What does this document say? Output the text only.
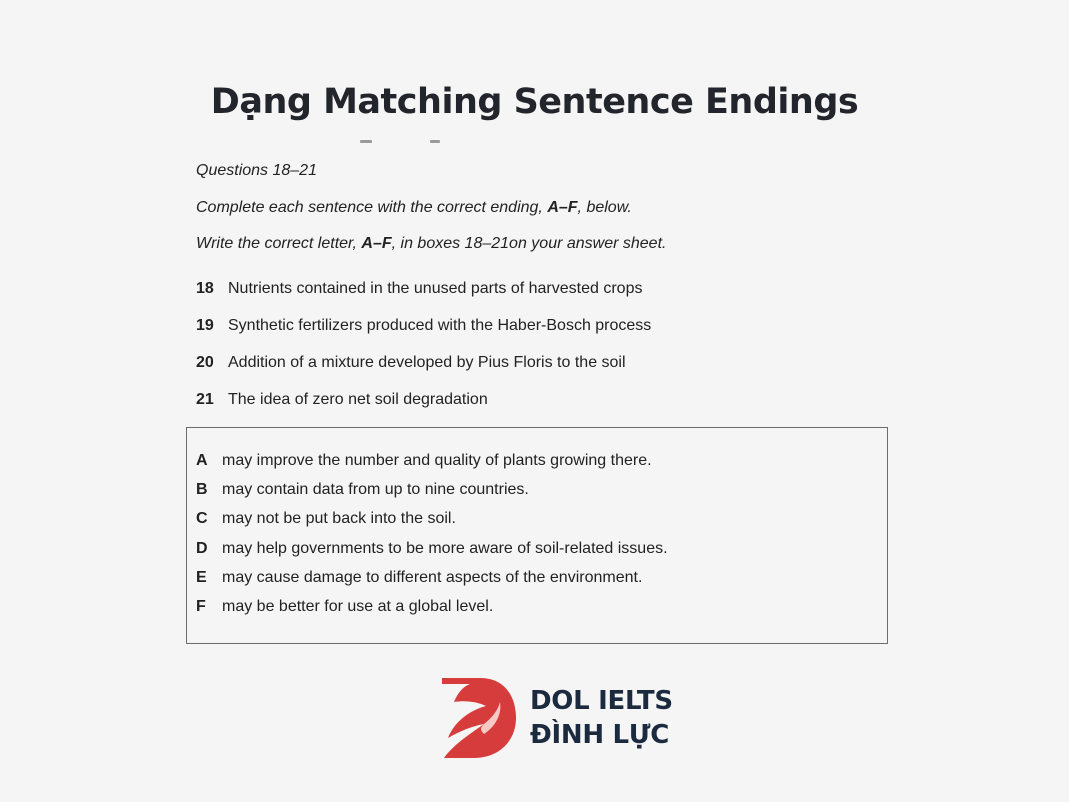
Dạng Matching Sentence Endings
Questions 18–21
Complete each sentence with the correct ending, A–F, below.
Write the correct letter, A–F, in boxes 18–21on your answer sheet.
18 Nutrients contained in the unused parts of harvested crops
19 Synthetic fertilizers produced with the Haber-Bosch process
20 Addition of a mixture developed by Pius Floris to the soil
21 The idea of zero net soil degradation
A may improve the number and quality of plants growing there.
B may contain data from up to nine countries.
C may not be put back into the soil.
D may help governments to be more aware of soil-related issues.
E may cause damage to different aspects of the environment.
F may be better for use at a global level.
DOL IELTS
ĐÌNH LỰC
